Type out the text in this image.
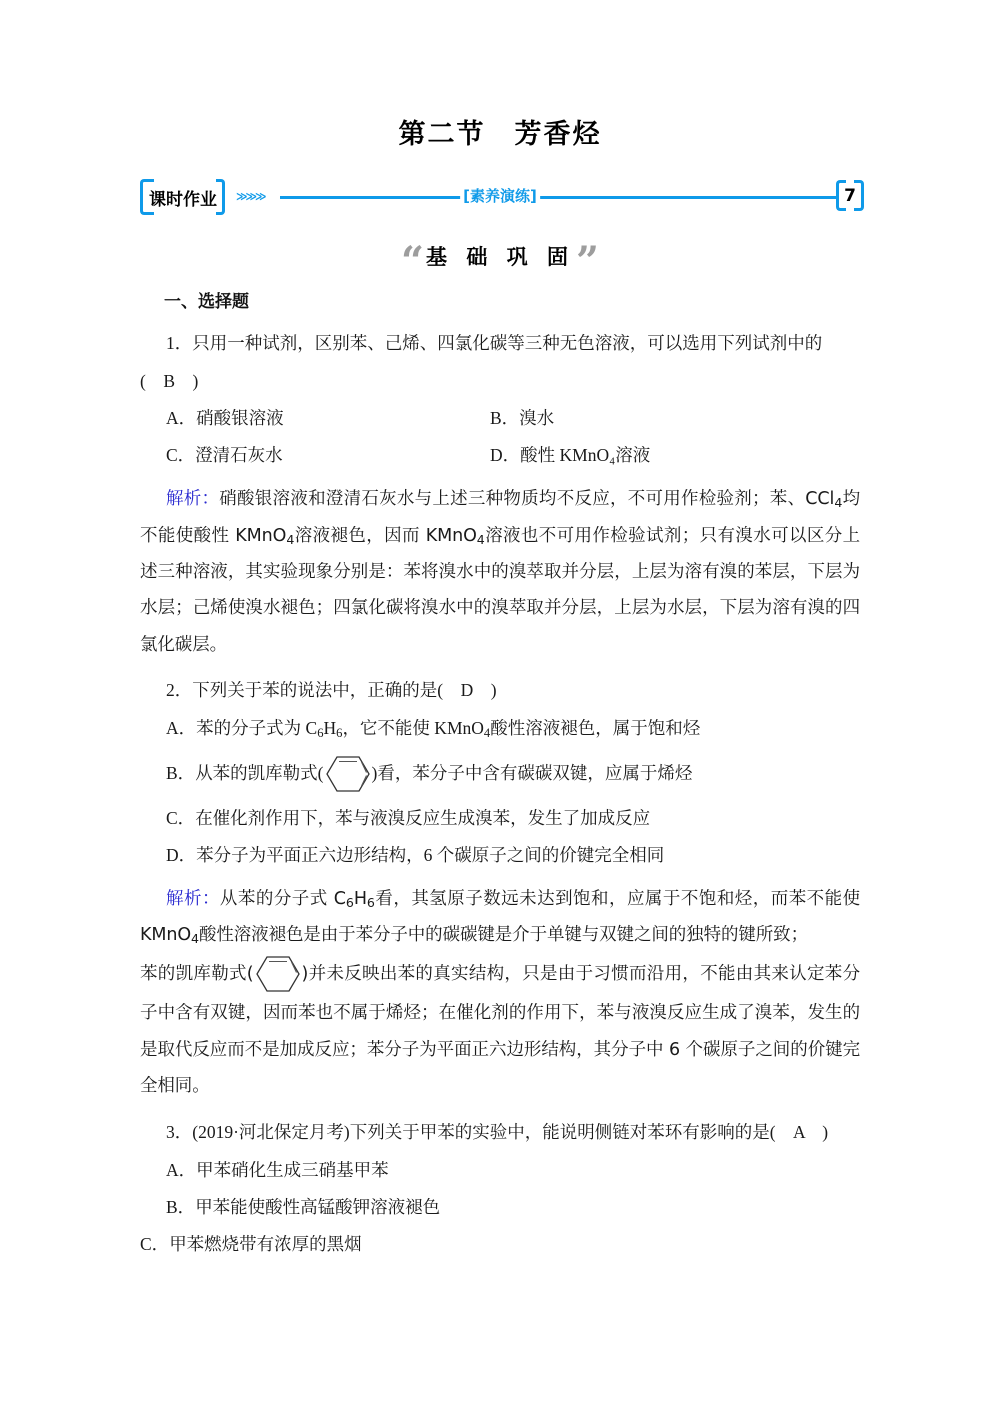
第二节　芳香烃
课时作业 ≫≫≫	[素养演练]	7
“ 基 础 巩 固 ”
一、选择题

1．只用一种试剂，区别苯、己烯、四氯化碳等三种无色溶液，可以选用下列试剂中的

(　B　)

A．硝酸银溶液	B．溴水
C．澄清石灰水	D．酸性 KMnO₄溶液

解析：硝酸银溶液和澄清石灰水与上述三种物质均不反应，不可用作检验剂；苯、CCl$_4$均不能使酸性 KMnO$_4$溶液褪色，因而 KMnO$_4$溶液也不可用作检验试剂；只有溴水可以区分上述三种溶液，其实验现象分别是：苯将溴水中的溴萃取并分层，上层为溶有溴的苯层，下层为水层；己烯使溴水褪色；四氯化碳将溴水中的溴萃取并分层，上层为水层，下层为溶有溴的四氯化碳层。

2．下列关于苯的说法中，正确的是(　D　)

A．苯的分子式为 $C_6H_6$，它不能使 KMnO$_4$酸性溶液褪色，属于饱和烃

B．从苯的凯库勒式(	)看，苯分子中含有碳碳双键，应属于烯烃

C．在催化剂作用下，苯与液溴反应生成溴苯，发生了加成反应

D．苯分子为平面正六边形结构，6 个碳原子之间的价键完全相同

解析：从苯的分子式 $C_6H_6$看，其氢原子数远未达到饱和，应属于不饱和烃，而苯不能使 KMnO$_4$酸性溶液褪色是由于苯分子中的碳碳键是介于单键与双键之间的独特的键所致；

苯的凯库勒式(	)并未反映出苯的真实结构，只是由于习惯而沿用，不能由其来认定苯分子中含有双键，因而苯也不属于烯烃；在催化剂的作用下，苯与液溴反应生成了溴苯，发生的是取代反应而不是加成反应；苯分子为平面正六边形结构，其分子中 6 个碳原子之间的价键完全相同。

3．(2019·河北保定月考)下列关于甲苯的实验中，能说明侧链对苯环有影响的是(　A　)

A．甲苯硝化生成三硝基甲苯

B．甲苯能使酸性高锰酸钾溶液褪色

C．甲苯燃烧带有浓厚的黑烟
